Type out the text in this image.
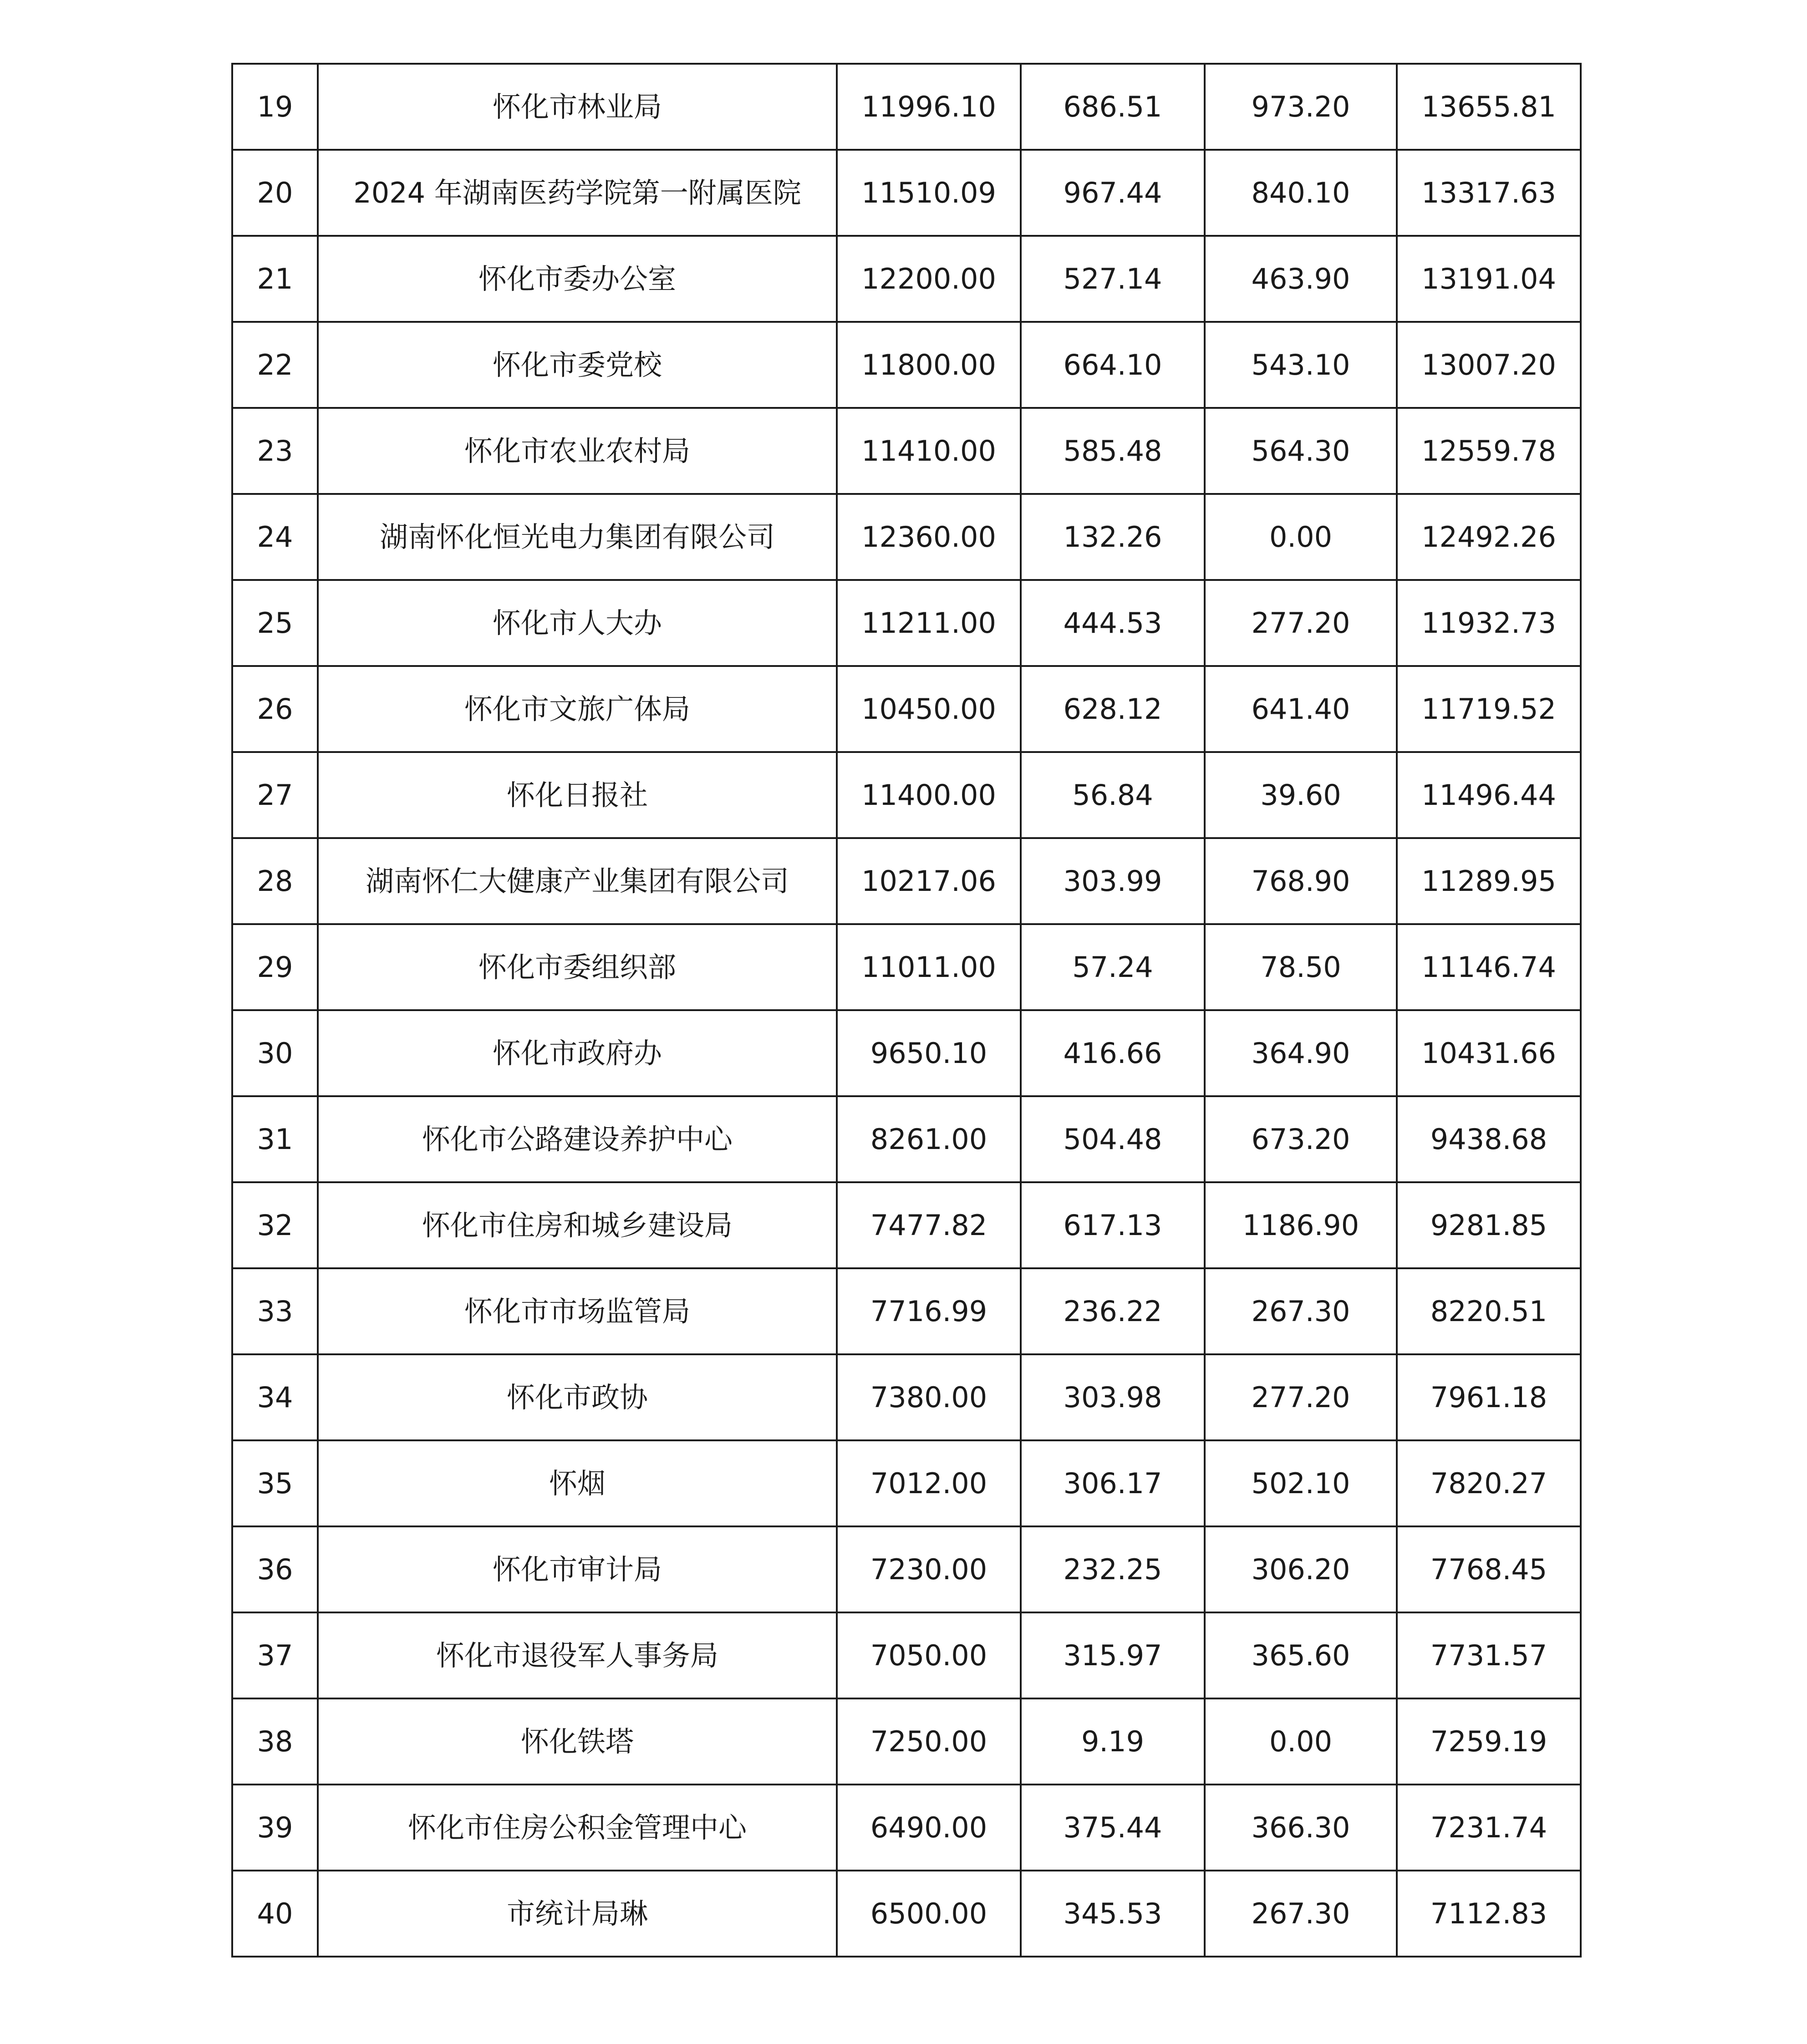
19	怀化市林业局	11996.10	686.51	973.20	13655.81
20	2024 年湖南医药学院第一附属医院	11510.09	967.44	840.10	13317.63
21	怀化市委办公室	12200.00	527.14	463.90	13191.04
22	怀化市委党校	11800.00	664.10	543.10	13007.20
23	怀化市农业农村局	11410.00	585.48	564.30	12559.78
24	湖南怀化恒光电力集团有限公司	12360.00	132.26	0.00	12492.26
25	怀化市人大办	11211.00	444.53	277.20	11932.73
26	怀化市文旅广体局	10450.00	628.12	641.40	11719.52
27	怀化日报社	11400.00	56.84	39.60	11496.44
28	湖南怀仁大健康产业集团有限公司	10217.06	303.99	768.90	11289.95
29	怀化市委组织部	11011.00	57.24	78.50	11146.74
30	怀化市政府办	9650.10	416.66	364.90	10431.66
31	怀化市公路建设养护中心	8261.00	504.48	673.20	9438.68
32	怀化市住房和城乡建设局	7477.82	617.13	1186.90	9281.85
33	怀化市市场监管局	7716.99	236.22	267.30	8220.51
34	怀化市政协	7380.00	303.98	277.20	7961.18
35	怀烟	7012.00	306.17	502.10	7820.27
36	怀化市审计局	7230.00	232.25	306.20	7768.45
37	怀化市退役军人事务局	7050.00	315.97	365.60	7731.57
38	怀化铁塔	7250.00	9.19	0.00	7259.19
39	怀化市住房公积金管理中心	6490.00	375.44	366.30	7231.74
40	市统计局琳	6500.00	345.53	267.30	7112.83
